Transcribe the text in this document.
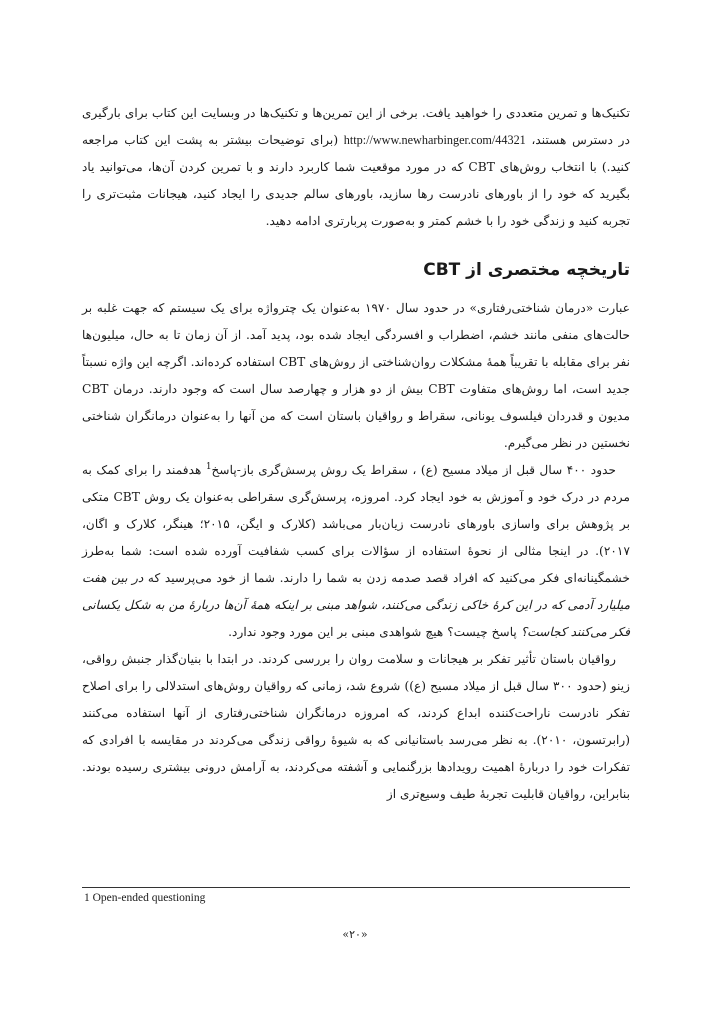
تکنیک‌ها و تمرین متعددی را خواهید یافت. برخی از این تمرین‌ها و تکنیک‌ها در وبسایت این کتاب برای بارگیری در دسترس هستند، http://www.newharbinger.com/44321 (برای توضیحات بیشتر به پشت این کتاب مراجعه کنید.) با انتخاب روش‌های CBT که در مورد موقعیت شما کاربرد دارند و با تمرین کردن آن‌ها، می‌توانید یاد بگیرید که خود را از باورهای نادرست رها سازید، باورهای سالم جدیدی را ایجاد کنید، هیجانات مثبت‌تری را تجربه کنید و زندگی خود را با خشم کمتر و به‌صورت پربارتری ادامه دهید.

تاریخچه مختصری از CBT

عبارت «درمان شناختی‌رفتاری» در حدود سال ۱۹۷۰ به‌عنوان یک چترواژه برای یک سیستم که جهت غلبه بر حالت‌های منفی مانند خشم، اضطراب و افسردگی ایجاد شده بود، پدید آمد. از آن زمان تا به حال، میلیون‌ها نفر برای مقابله با تقریباً همهٔ مشکلات روان‌شناختی از روش‌های CBT استفاده کرده‌اند. اگرچه این واژه نسبتاً جدید است، اما روش‌های متفاوت CBT بیش از دو هزار و چهارصد سال است که وجود دارند. درمان CBT مدیون و قدردان فیلسوف یونانی، سقراط و رواقیان باستان است که من آنها را به‌عنوان درمانگران شناختی نخستین در نظر می‌گیرم.

حدود ۴۰۰ سال قبل از میلاد مسیح (ع) ، سقراط یک روش پرسش‌گری باز-پاسخ$^1$ هدفمند را برای کمک به مردم در درک خود و آموزش به خود ایجاد کرد. امروزه، پرسش‌گری سقراطی به‌عنوان یک روش CBT متکی بر پژوهش برای واسازی باورهای نادرست زیان‌بار می‌باشد (کلارک و ایگن، ۲۰۱۵؛ هینگر، کلارک و اگان، ۲۰۱۷). در اینجا مثالی از نحوهٔ استفاده از سؤالات برای کسب شفافیت آورده شده است: شما به‌طرز خشمگینانه‌ای فکر می‌کنید که افراد قصد صدمه زدن به شما را دارند. شما از خود می‌پرسید که در بین هفت میلیارد آدمی که در این کرهٔ خاکی زندگی می‌کنند، شواهد مبنی بر اینکه همهٔ آن‌ها دربارهٔ من به شکل یکسانی فکر می‌کنند کجاست؟ پاسخ چیست؟ هیچ شواهدی مبنی بر این مورد وجود ندارد.

رواقیان باستان تأثیر تفکر بر هیجانات و سلامت روان را بررسی کردند. در ابتدا با بنیان‌گذار جنبش رواقی، زینو (حدود ۳۰۰ سال قبل از میلاد مسیح (ع)) شروع شد، زمانی که رواقیان روش‌های استدلالی را برای اصلاح تفکر نادرست ناراحت‌کننده ابداع کردند، که امروزه درمانگران شناختی‌رفتاری از آنها استفاده می‌کنند (رابرتسون، ۲۰۱۰). به نظر می‌رسد باستانیانی که به شیوهٔ رواقی زندگی می‌کردند در مقایسه با افرادی که تفکرات خود را دربارهٔ اهمیت رویدادها بزرگنمایی و آشفته می‌کردند، به آرامش درونی بیشتری رسیده بودند. بنابراین، رواقیان قابلیت تجربهٔ طیف وسیع‌تری از

1 Open-ended questioning
«۲۰»
